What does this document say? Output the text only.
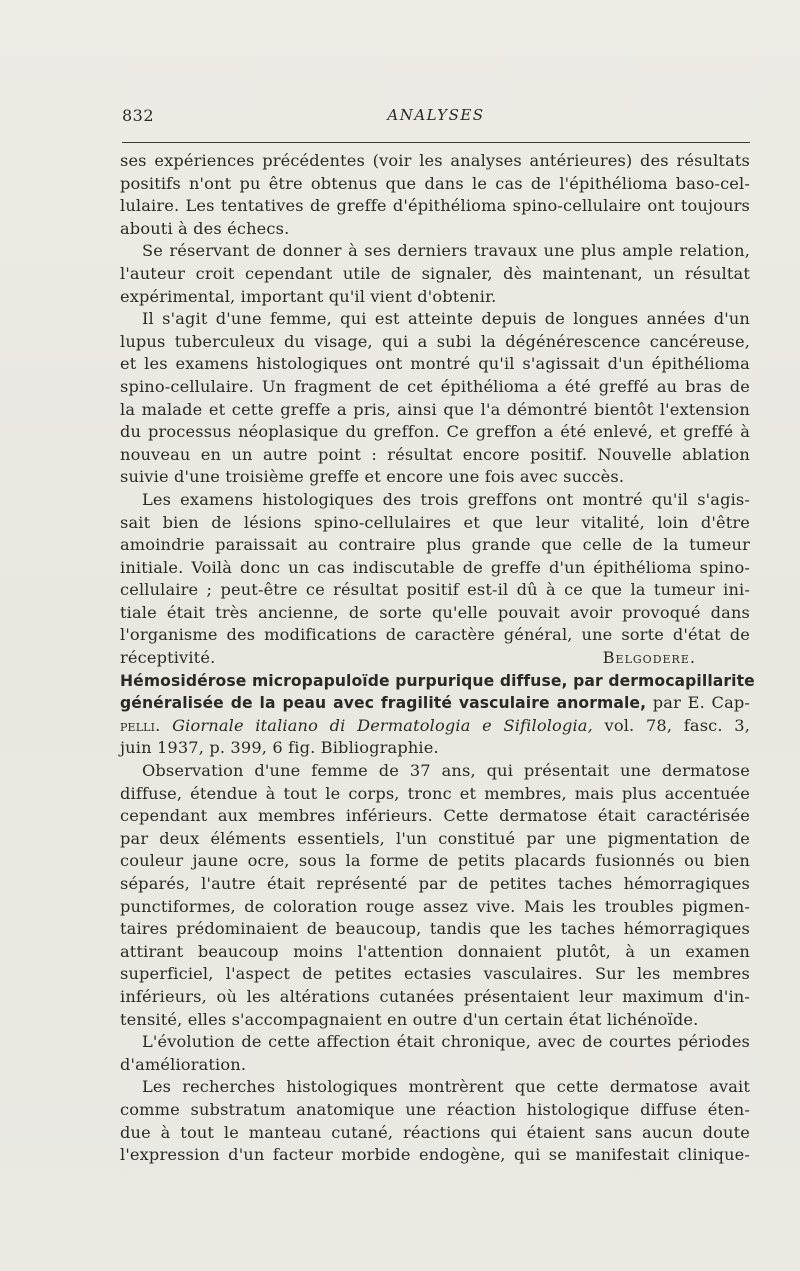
832	ANALYSES
ses expériences précédentes (voir les analyses antérieures) des résultats
positifs n'ont pu être obtenus que dans le cas de l'épithélioma baso-cel-
lulaire. Les tentatives de greffe d'épithélioma spino-cellulaire ont toujours
abouti à des échecs.
Se réservant de donner à ses derniers travaux une plus ample relation,
l'auteur croit cependant utile de signaler, dès maintenant, un résultat
expérimental, important qu'il vient d'obtenir.
Il s'agit d'une femme, qui est atteinte depuis de longues années d'un
lupus tuberculeux du visage, qui a subi la dégénérescence cancéreuse,
et les examens histologiques ont montré qu'il s'agissait d'un épithélioma
spino-cellulaire. Un fragment de cet épithélioma a été greffé au bras de
la malade et cette greffe a pris, ainsi que l'a démontré bientôt l'extension
du processus néoplasique du greffon. Ce greffon a été enlevé, et greffé à
nouveau en un autre point : résultat encore positif. Nouvelle ablation
suivie d'une troisième greffe et encore une fois avec succès.
Les examens histologiques des trois greffons ont montré qu'il s'agis-
sait bien de lésions spino-cellulaires et que leur vitalité, loin d'être
amoindrie paraissait au contraire plus grande que celle de la tumeur
initiale. Voilà donc un cas indiscutable de greffe d'un épithélioma spino-
cellulaire ; peut-être ce résultat positif est-il dû à ce que la tumeur ini-
tiale était très ancienne, de sorte qu'elle pouvait avoir provoqué dans
l'organisme des modifications de caractère général, une sorte d'état de
réceptivité.	Belgodere.
Hémosidérose micropapuloïde purpurique diffuse, par dermocapillarite
généralisée de la peau avec fragilité vasculaire anormale, par E. Cap-
pelli. Giornale italiano di Dermatologia e Sifilologia, vol. 78, fasc. 3,
juin 1937, p. 399, 6 fig. Bibliographie.
Observation d'une femme de 37 ans, qui présentait une dermatose
diffuse, étendue à tout le corps, tronc et membres, mais plus accentuée
cependant aux membres inférieurs. Cette dermatose était caractérisée
par deux éléments essentiels, l'un constitué par une pigmentation de
couleur jaune ocre, sous la forme de petits placards fusionnés ou bien
séparés, l'autre était représenté par de petites taches hémorragiques
punctiformes, de coloration rouge assez vive. Mais les troubles pigmen-
taires prédominaient de beaucoup, tandis que les taches hémorragiques
attirant beaucoup moins l'attention donnaient plutôt, à un examen
superficiel, l'aspect de petites ectasies vasculaires. Sur les membres
inférieurs, où les altérations cutanées présentaient leur maximum d'in-
tensité, elles s'accompagnaient en outre d'un certain état lichénoïde.
L'évolution de cette affection était chronique, avec de courtes périodes
d'amélioration.
Les recherches histologiques montrèrent que cette dermatose avait
comme substratum anatomique une réaction histologique diffuse éten-
due à tout le manteau cutané, réactions qui étaient sans aucun doute
l'expression d'un facteur morbide endogène, qui se manifestait clinique-
